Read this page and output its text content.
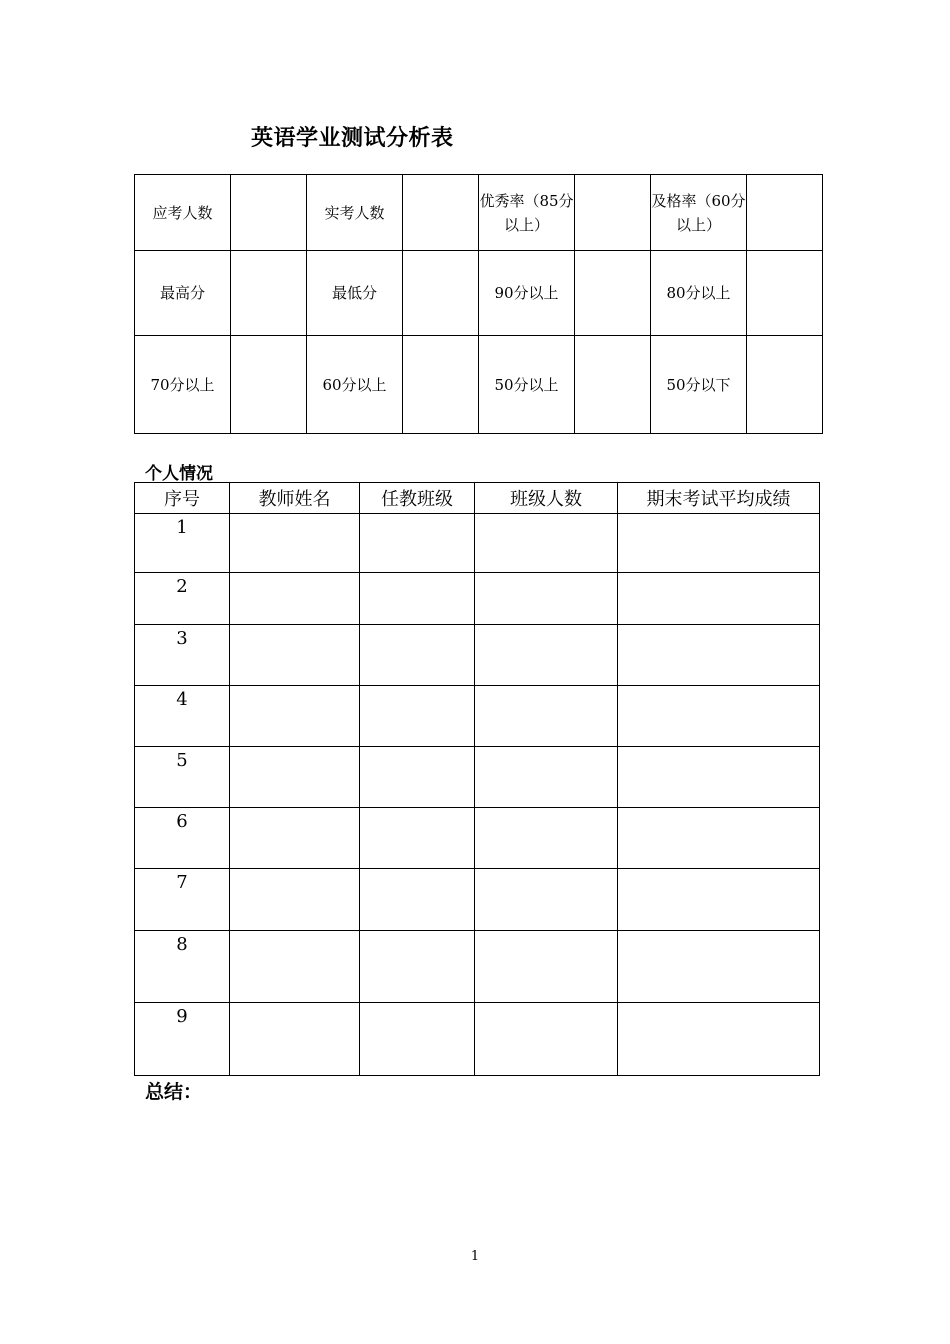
英语学业测试分析表
应考人数		实考人数		优秀率（85分以上）		及格率（60分以上）	
最高分		最低分		90分以上		80分以上	
70分以上		60分以上		50分以上		50分以下	
个人情况
序号	教师姓名	任教班级	班级人数	期末考试平均成绩
1				
2				
3				
4				
5				
6				
7				
8				
9				
总结：
1
